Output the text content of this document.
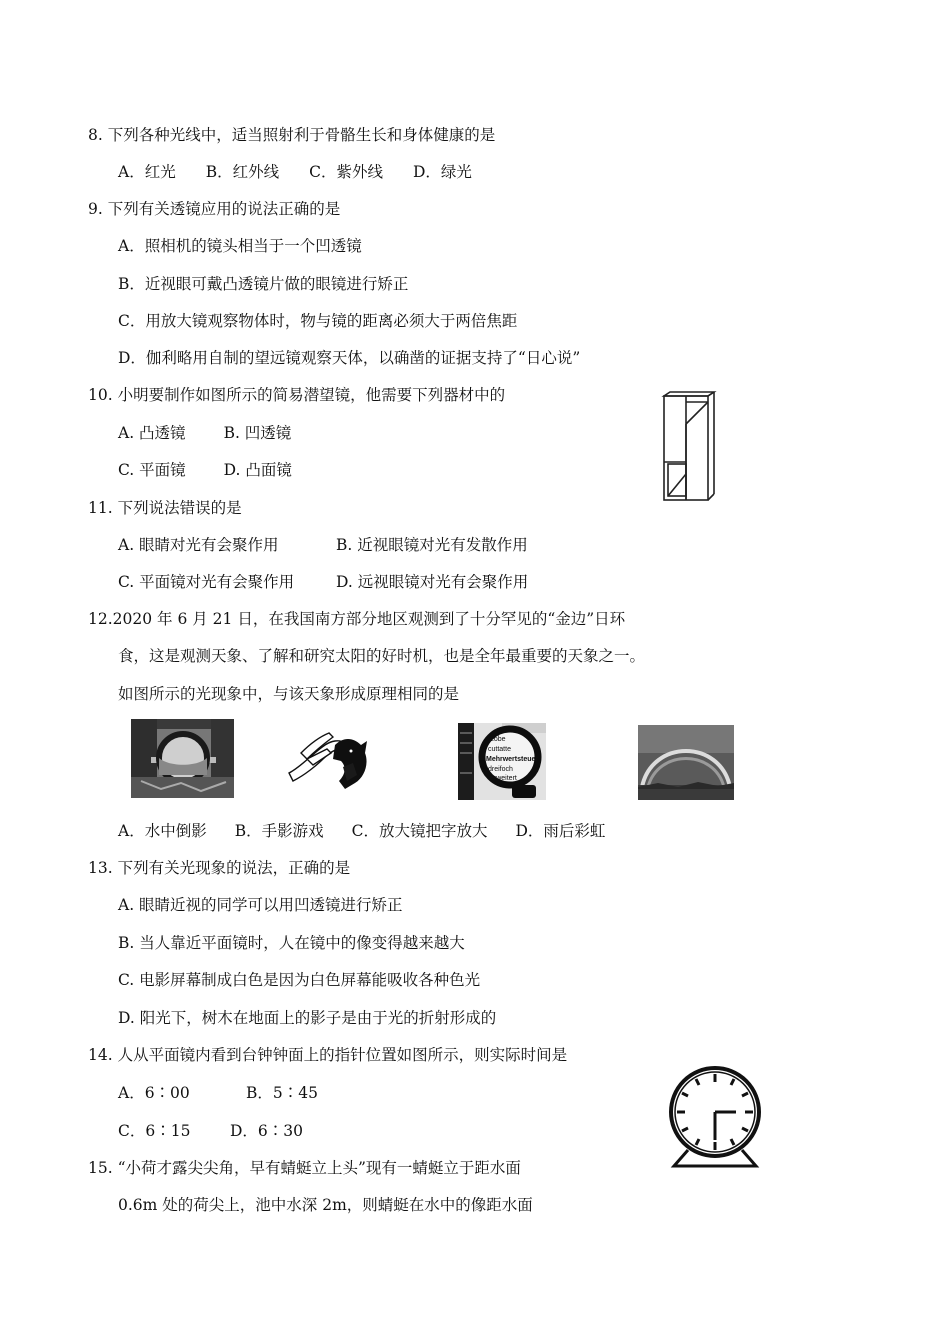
8. 下列各种光线中，适当照射利于骨骼生长和身体健康的是
A．红光 B．红外线 C．紫外线 D．绿光
9. 下列有关透镜应用的说法正确的是
A．照相机的镜头相当于一个凹透镜
B．近视眼可戴凸透镜片做的眼镜进行矫正
C．用放大镜观察物体时，物与镜的距离必须大于两倍焦距
D．伽利略用自制的望远镜观察天体，以确凿的证据支持了“日心说”
10. 小明要制作如图所示的简易潜望镜，他需要下列器材中的
A. 凸透镜 B. 凹透镜
C. 平面镜 D. 凸面镜
11. 下列说法错误的是
A. 眼睛对光有会聚作用	B. 近视眼镜对光有发散作用
C. 平面镜对光有会聚作用	D. 远视眼镜对光有会聚作用
12.2020 年 6 月 21 日，在我国南方部分地区观测到了十分罕见的“金边”日环
食，这是观测天象、了解和研究太阳的好时机，也是全年最重要的天象之一。
如图所示的光现象中，与该天象形成原理相同的是
Lobe
cuttatte
Mehrwertsteuer
dreifoch
erweitert
A．水中倒影 B．手影游戏 C．放大镜把字放大 D．雨后彩虹
13. 下列有关光现象的说法，正确的是
A. 眼睛近视的同学可以用凹透镜进行矫正
B. 当人靠近平面镜时，人在镜中的像变得越来越大
C. 电影屏幕制成白色是因为白色屏幕能吸收各种色光
D. 阳光下，树木在地面上的影子是由于光的折射形成的
14. 人从平面镜内看到台钟钟面上的指针位置如图所示，则实际时间是
A．6∶00	B．5∶45
C．6∶15	D．6∶30
15. “小荷才露尖尖角，早有蜻蜓立上头”现有一蜻蜓立于距水面
0.6m 处的荷尖上，池中水深 2m，则蜻蜓在水中的像距水面
